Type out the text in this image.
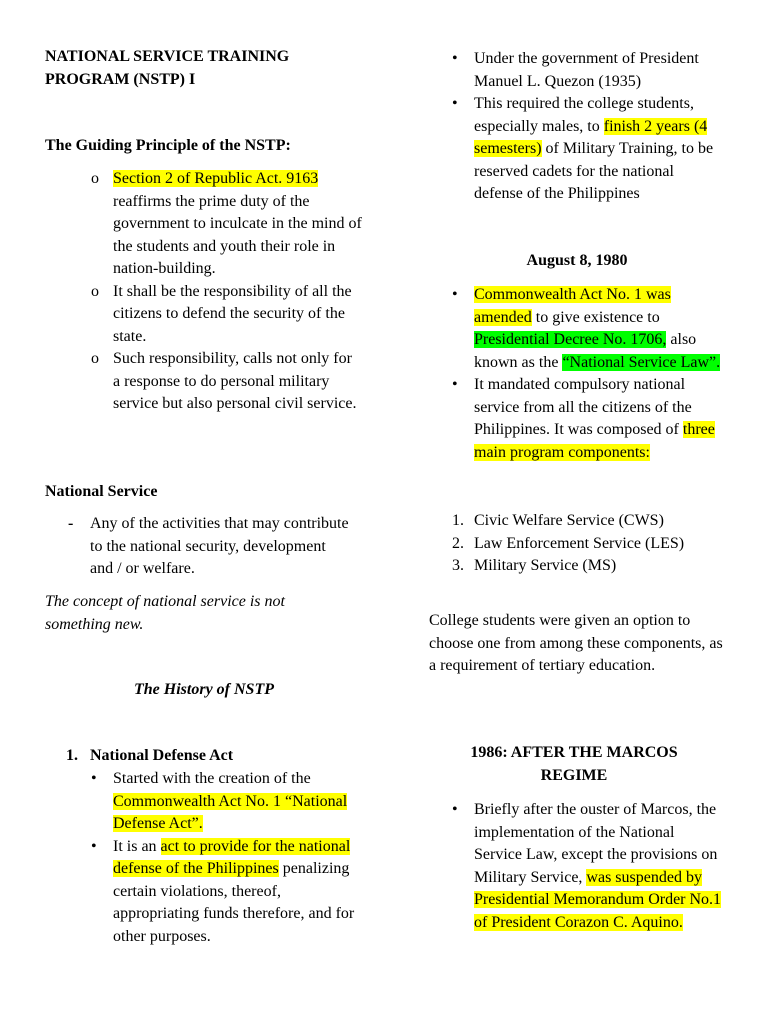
NATIONAL SERVICE TRAINING PROGRAM (NSTP) I
The Guiding Principle of the NSTP:
o Section 2 of Republic Act. 9163 reaffirms the prime duty of the government to inculcate in the mind of the students and youth their role in nation-building.
o It shall be the responsibility of all the citizens to defend the security of the state.
o Such responsibility, calls not only for a response to do personal military service but also personal civil service.
National Service
- Any of the activities that may contribute to the national security, development and / or welfare.
The concept of national service is not something new.
The History of NSTP
1. National Defense Act
• Started with the creation of the Commonwealth Act No. 1 “National Defense Act”.
• It is an act to provide for the national defense of the Philippines penalizing certain violations, thereof, appropriating funds therefore, and for other purposes.
• Under the government of President Manuel L. Quezon (1935)
• This required the college students, especially males, to finish 2 years (4 semesters) of Military Training, to be reserved cadets for the national defense of the Philippines
August 8, 1980
• Commonwealth Act No. 1 was amended to give existence to Presidential Decree No. 1706, also known as the “National Service Law”.
• It mandated compulsory national service from all the citizens of the Philippines. It was composed of three main program components:
1. Civic Welfare Service (CWS)
2. Law Enforcement Service (LES)
3. Military Service (MS)
College students were given an option to choose one from among these components, as a requirement of tertiary education.
1986: AFTER THE MARCOS REGIME
• Briefly after the ouster of Marcos, the implementation of the National Service Law, except the provisions on Military Service, was suspended by Presidential Memorandum Order No.1 of President Corazon C. Aquino.
